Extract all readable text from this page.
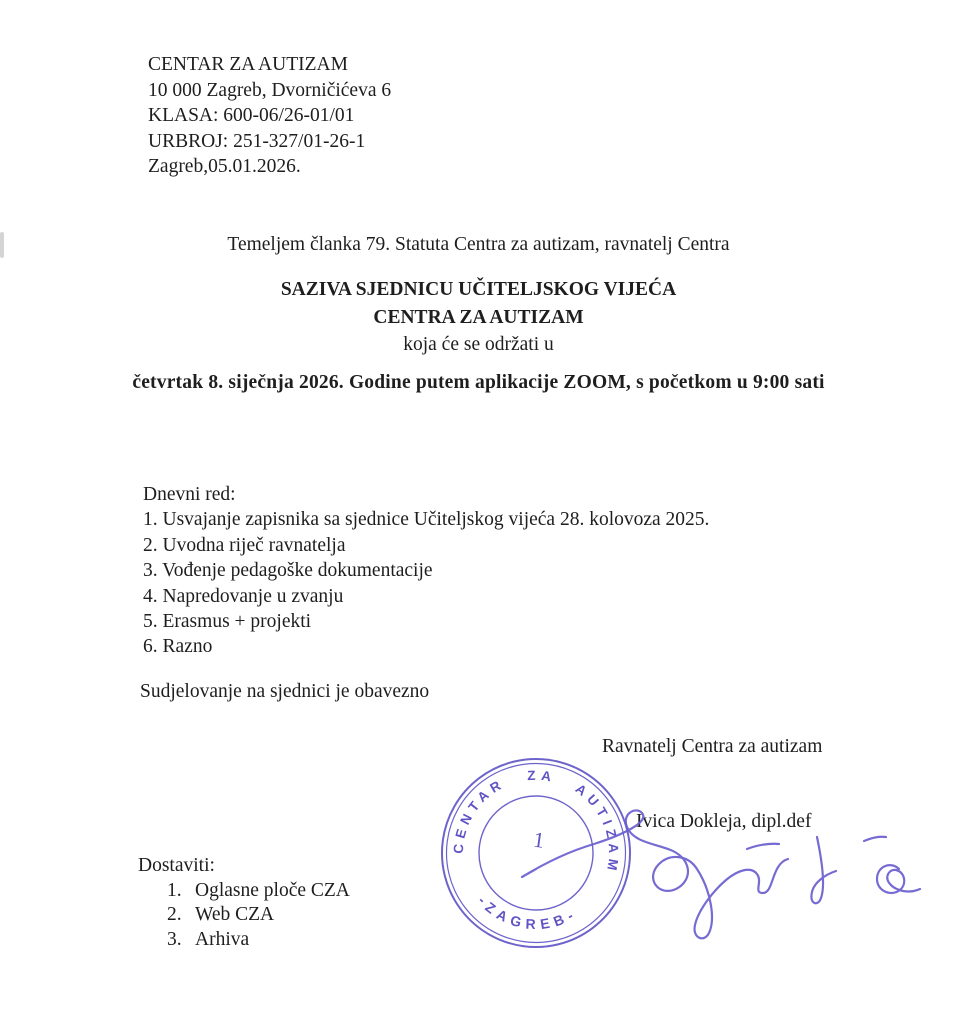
CENTAR ZA AUTIZAM
10 000 Zagreb, Dvorničićeva 6
KLASA: 600-06/26-01/01
URBROJ: 251-327/01-26-1
Zagreb,05.01.2026.

Temeljem članka 79. Statuta Centra za autizam, ravnatelj Centra

SAZIVA SJEDNICU UČITELJSKOG VIJEĆA
CENTRA ZA AUTIZAM
koja će se održati u

četvrtak 8. siječnja 2026. Godine putem aplikacije ZOOM, s početkom u 9:00 sati

Dnevni red:
1. Usvajanje zapisnika sa sjednice Učiteljskog vijeća 28. kolovoza 2025.
2. Uvodna riječ ravnatelja
3. Vođenje pedagoške dokumentacije
4. Napredovanje u zvanju
5. Erasmus + projekti
6. Razno

Sudjelovanje na sjednici je obavezno

Ravnatelj Centra za autizam
Ivica Dokleja, dipl.def
Dostaviti:
1. Oglasne ploče CZA
2. Web CZA
3. Arhiva
CENTAR ZA AUTIZAM
-ZAGREB-
1
